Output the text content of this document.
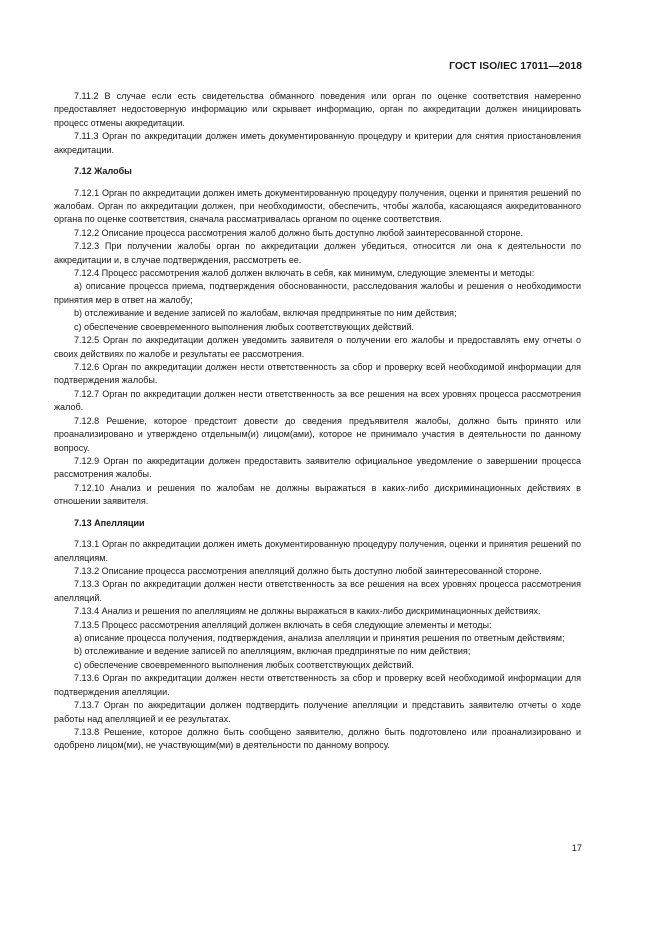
ГОСТ ISO/IEC 17011—2018

7.11.2 В случае если есть свидетельства обманного поведения или орган по оценке соответствия намеренно предоставляет недостоверную информацию или скрывает информацию, орган по аккредитации должен инициировать процесс отмены аккредитации.

7.11.3 Орган по аккредитации должен иметь документированную процедуру и критерии для снятия приостановления аккредитации.

7.12 Жалобы

7.12.1 Орган по аккредитации должен иметь документированную процедуру получения, оценки и принятия решений по жалобам. Орган по аккредитации должен, при необходимости, обеспечить, чтобы жалоба, касающаяся аккредитованного органа по оценке соответствия, сначала рассматривалась органом по оценке соответствия.

7.12.2 Описание процесса рассмотрения жалоб должно быть доступно любой заинтересованной стороне.

7.12.3 При получении жалобы орган по аккредитации должен убедиться, относится ли она к деятельности по аккредитации и, в случае подтверждения, рассмотреть ее.

7.12.4 Процесс рассмотрения жалоб должен включать в себя, как минимум, следующие элементы и методы:

a) описание процесса приема, подтверждения обоснованности, расследования жалобы и решения о необходимости принятия мер в ответ на жалобу;

b) отслеживание и ведение записей по жалобам, включая предпринятые по ним действия;

c) обеспечение своевременного выполнения любых соответствующих действий.

7.12.5 Орган по аккредитации должен уведомить заявителя о получении его жалобы и предоставлять ему отчеты о своих действиях по жалобе и результаты ее рассмотрения.

7.12.6 Орган по аккредитации должен нести ответственность за сбор и проверку всей необходимой информации для подтверждения жалобы.

7.12.7 Орган по аккредитации должен нести ответственность за все решения на всех уровнях процесса рассмотрения жалоб.

7.12.8 Решение, которое предстоит довести до сведения предъявителя жалобы, должно быть принято или проанализировано и утверждено отдельным(и) лицом(ами), которое не принимало участия в деятельности по данному вопросу.

7.12.9 Орган по аккредитации должен предоставить заявителю официальное уведомление о завершении процесса рассмотрения жалобы.

7.12.10 Анализ и решения по жалобам не должны выражаться в каких-либо дискриминационных действиях в отношении заявителя.

7.13 Апелляции

7.13.1 Орган по аккредитации должен иметь документированную процедуру получения, оценки и принятия решений по апелляциям.

7.13.2 Описание процесса рассмотрения апелляций должно быть доступно любой заинтересованной стороне.

7.13.3 Орган по аккредитации должен нести ответственность за все решения на всех уровнях процесса рассмотрения апелляций.

7.13.4 Анализ и решения по апелляциям не должны выражаться в каких-либо дискриминационных действиях.

7.13.5 Процесс рассмотрения апелляций должен включать в себя следующие элементы и методы:

a) описание процесса получения, подтверждения, анализа апелляции и принятия решения по ответным действиям;

b) отслеживание и ведение записей по апелляциям, включая предпринятые по ним действия;

c) обеспечение своевременного выполнения любых соответствующих действий.

7.13.6 Орган по аккредитации должен нести ответственность за сбор и проверку всей необходимой информации для подтверждения апелляции.

7.13.7 Орган по аккредитации должен подтвердить получение апелляции и представить заявителю отчеты о ходе работы над апелляцией и ее результатах.

7.13.8 Решение, которое должно быть сообщено заявителю, должно быть подготовлено или проанализировано и одобрено лицом(ми), не участвующим(ми) в деятельности по данному вопросу.

17
